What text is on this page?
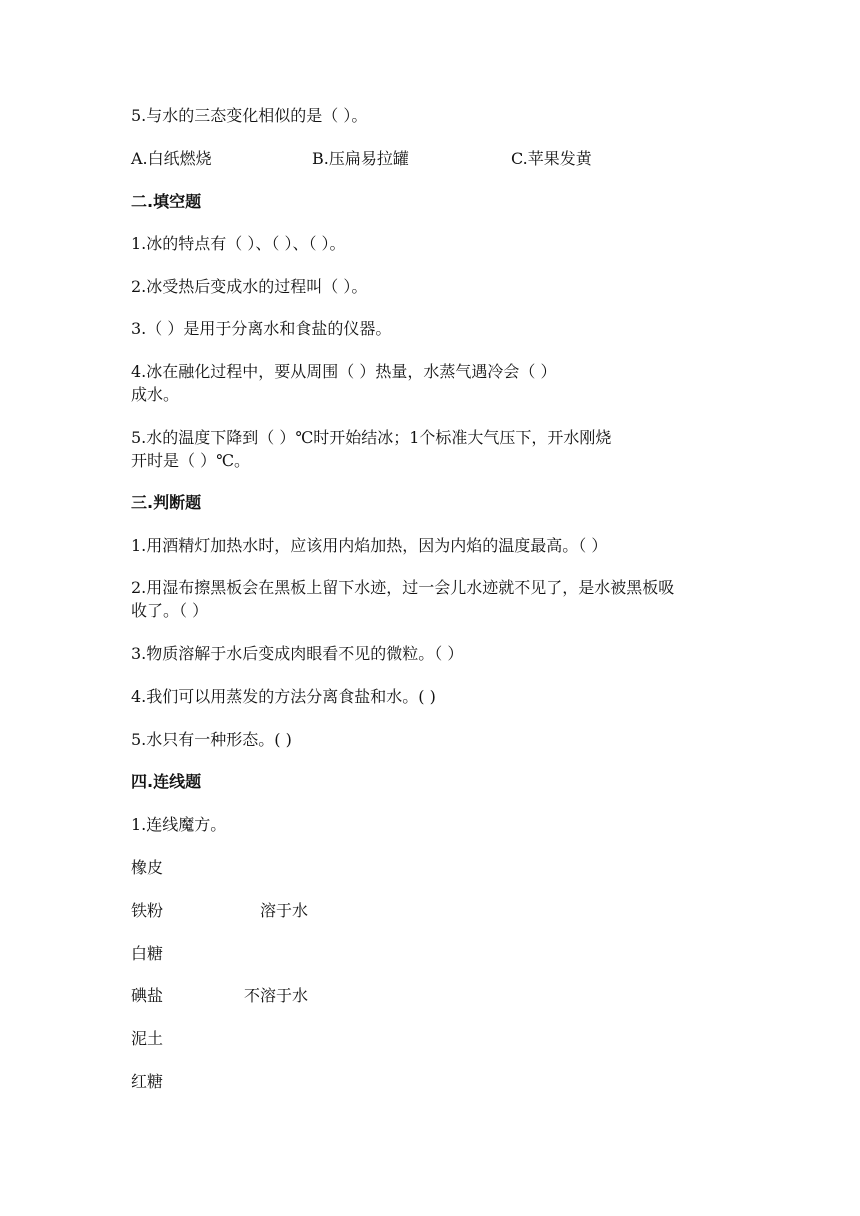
5.与水的三态变化相似的是（ ）。
A.白纸燃烧	B.压扁易拉罐	C.苹果发黄
二.填空题
1.冰的特点有（ ）、（ ）、（ ）。
2.冰受热后变成水的过程叫（ ）。
3.（ ）是用于分离水和食盐的仪器。
4.冰在融化过程中，要从周围（ ）热量，水蒸气遇冷会（ ）
成水。
5.水的温度下降到（ ）℃时开始结冰；1个标准大气压下，开水刚烧
开时是（ ）℃。
三.判断题
1.用酒精灯加热水时，应该用内焰加热，因为内焰的温度最高。（ ）
2.用湿布擦黑板会在黑板上留下水迹，过一会儿水迹就不见了，是水被黑板吸
收了。（ ）
3.物质溶解于水后变成肉眼看不见的微粒。（ ）
4.我们可以用蒸发的方法分离食盐和水。( )
5.水只有一种形态。( )
四.连线题
1.连线魔方。
橡皮
铁粉
白糖
碘盐
泥土
红糖
溶于水
不溶于水
